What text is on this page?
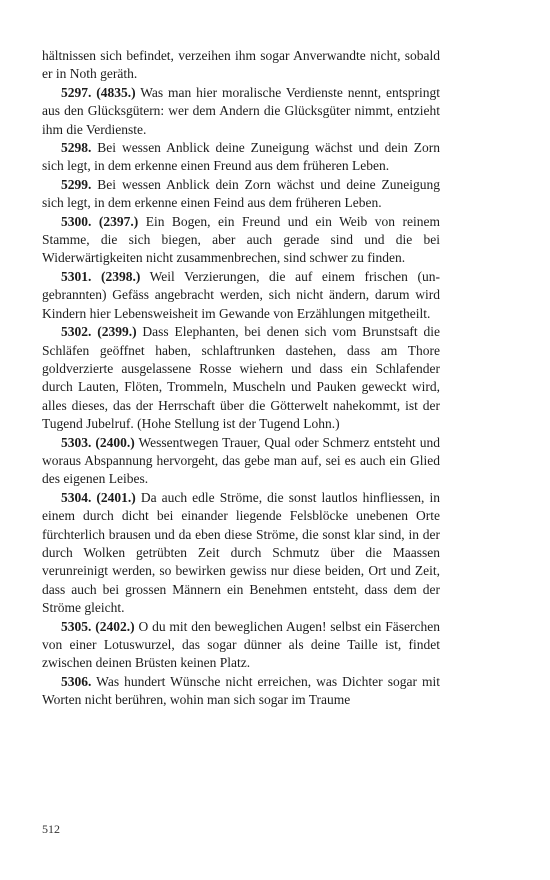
hältnissen sich befindet, verzeihen ihm sogar Anverwandte nicht, sobald er in Noth geräth.

5297. (4835.) Was man hier moralische Verdienste nennt, entspringt aus den Glücksgütern: wer dem Andern die Glücksgüter nimmt, entzieht ihm die Verdienste.

5298. Bei wessen Anblick deine Zuneigung wächst und dein Zorn sich legt, in dem erkenne einen Freund aus dem früheren Leben.

5299. Bei wessen Anblick dein Zorn wächst und deine Zuneigung sich legt, in dem erkenne einen Feind aus dem früheren Leben.

5300. (2397.) Ein Bogen, ein Freund und ein Weib von reinem Stamme, die sich biegen, aber auch gerade sind und die bei Widerwärtigkeiten nicht zusammenbrechen, sind schwer zu finden.

5301. (2398.) Weil Verzierungen, die auf einem frischen (ungebrannten) Gefäss angebracht werden, sich nicht ändern, darum wird Kindern hier Lebensweisheit im Gewande von Erzählungen mitgetheilt.

5302. (2399.) Dass Elephanten, bei denen sich vom Brunstsaft die Schläfen geöffnet haben, schlaftrunken dastehen, dass am Thore goldverzierte ausgelassene Rosse wiehern und dass ein Schlafender durch Lauten, Flöten, Trommeln, Muscheln und Pauken geweckt wird, alles dieses, das der Herrschaft über die Götterwelt nahekommt, ist der Tugend Jubelruf. (Hohe Stellung ist der Tugend Lohn.)

5303. (2400.) Wessentwegen Trauer, Qual oder Schmerz entsteht und woraus Abspannung hervorgeht, das gebe man auf, sei es auch ein Glied des eigenen Leibes.

5304. (2401.) Da auch edle Ströme, die sonst lautlos hinfliessen, in einem durch dicht bei einander liegende Felsblöcke unebenen Orte fürchterlich brausen und da eben diese Ströme, die sonst klar sind, in der durch Wolken getrübten Zeit durch Schmutz über die Maassen verunreinigt werden, so bewirken gewiss nur diese beiden, Ort und Zeit, dass auch bei grossen Männern ein Benehmen entsteht, dass dem der Ströme gleicht.

5305. (2402.) O du mit den beweglichen Augen! selbst ein Fäserchen von einer Lotuswurzel, das sogar dünner als deine Taille ist, findet zwischen deinen Brüsten keinen Platz.

5306. Was hundert Wünsche nicht erreichen, was Dichter sogar mit Worten nicht berühren, wohin man sich sogar im Traume

512
